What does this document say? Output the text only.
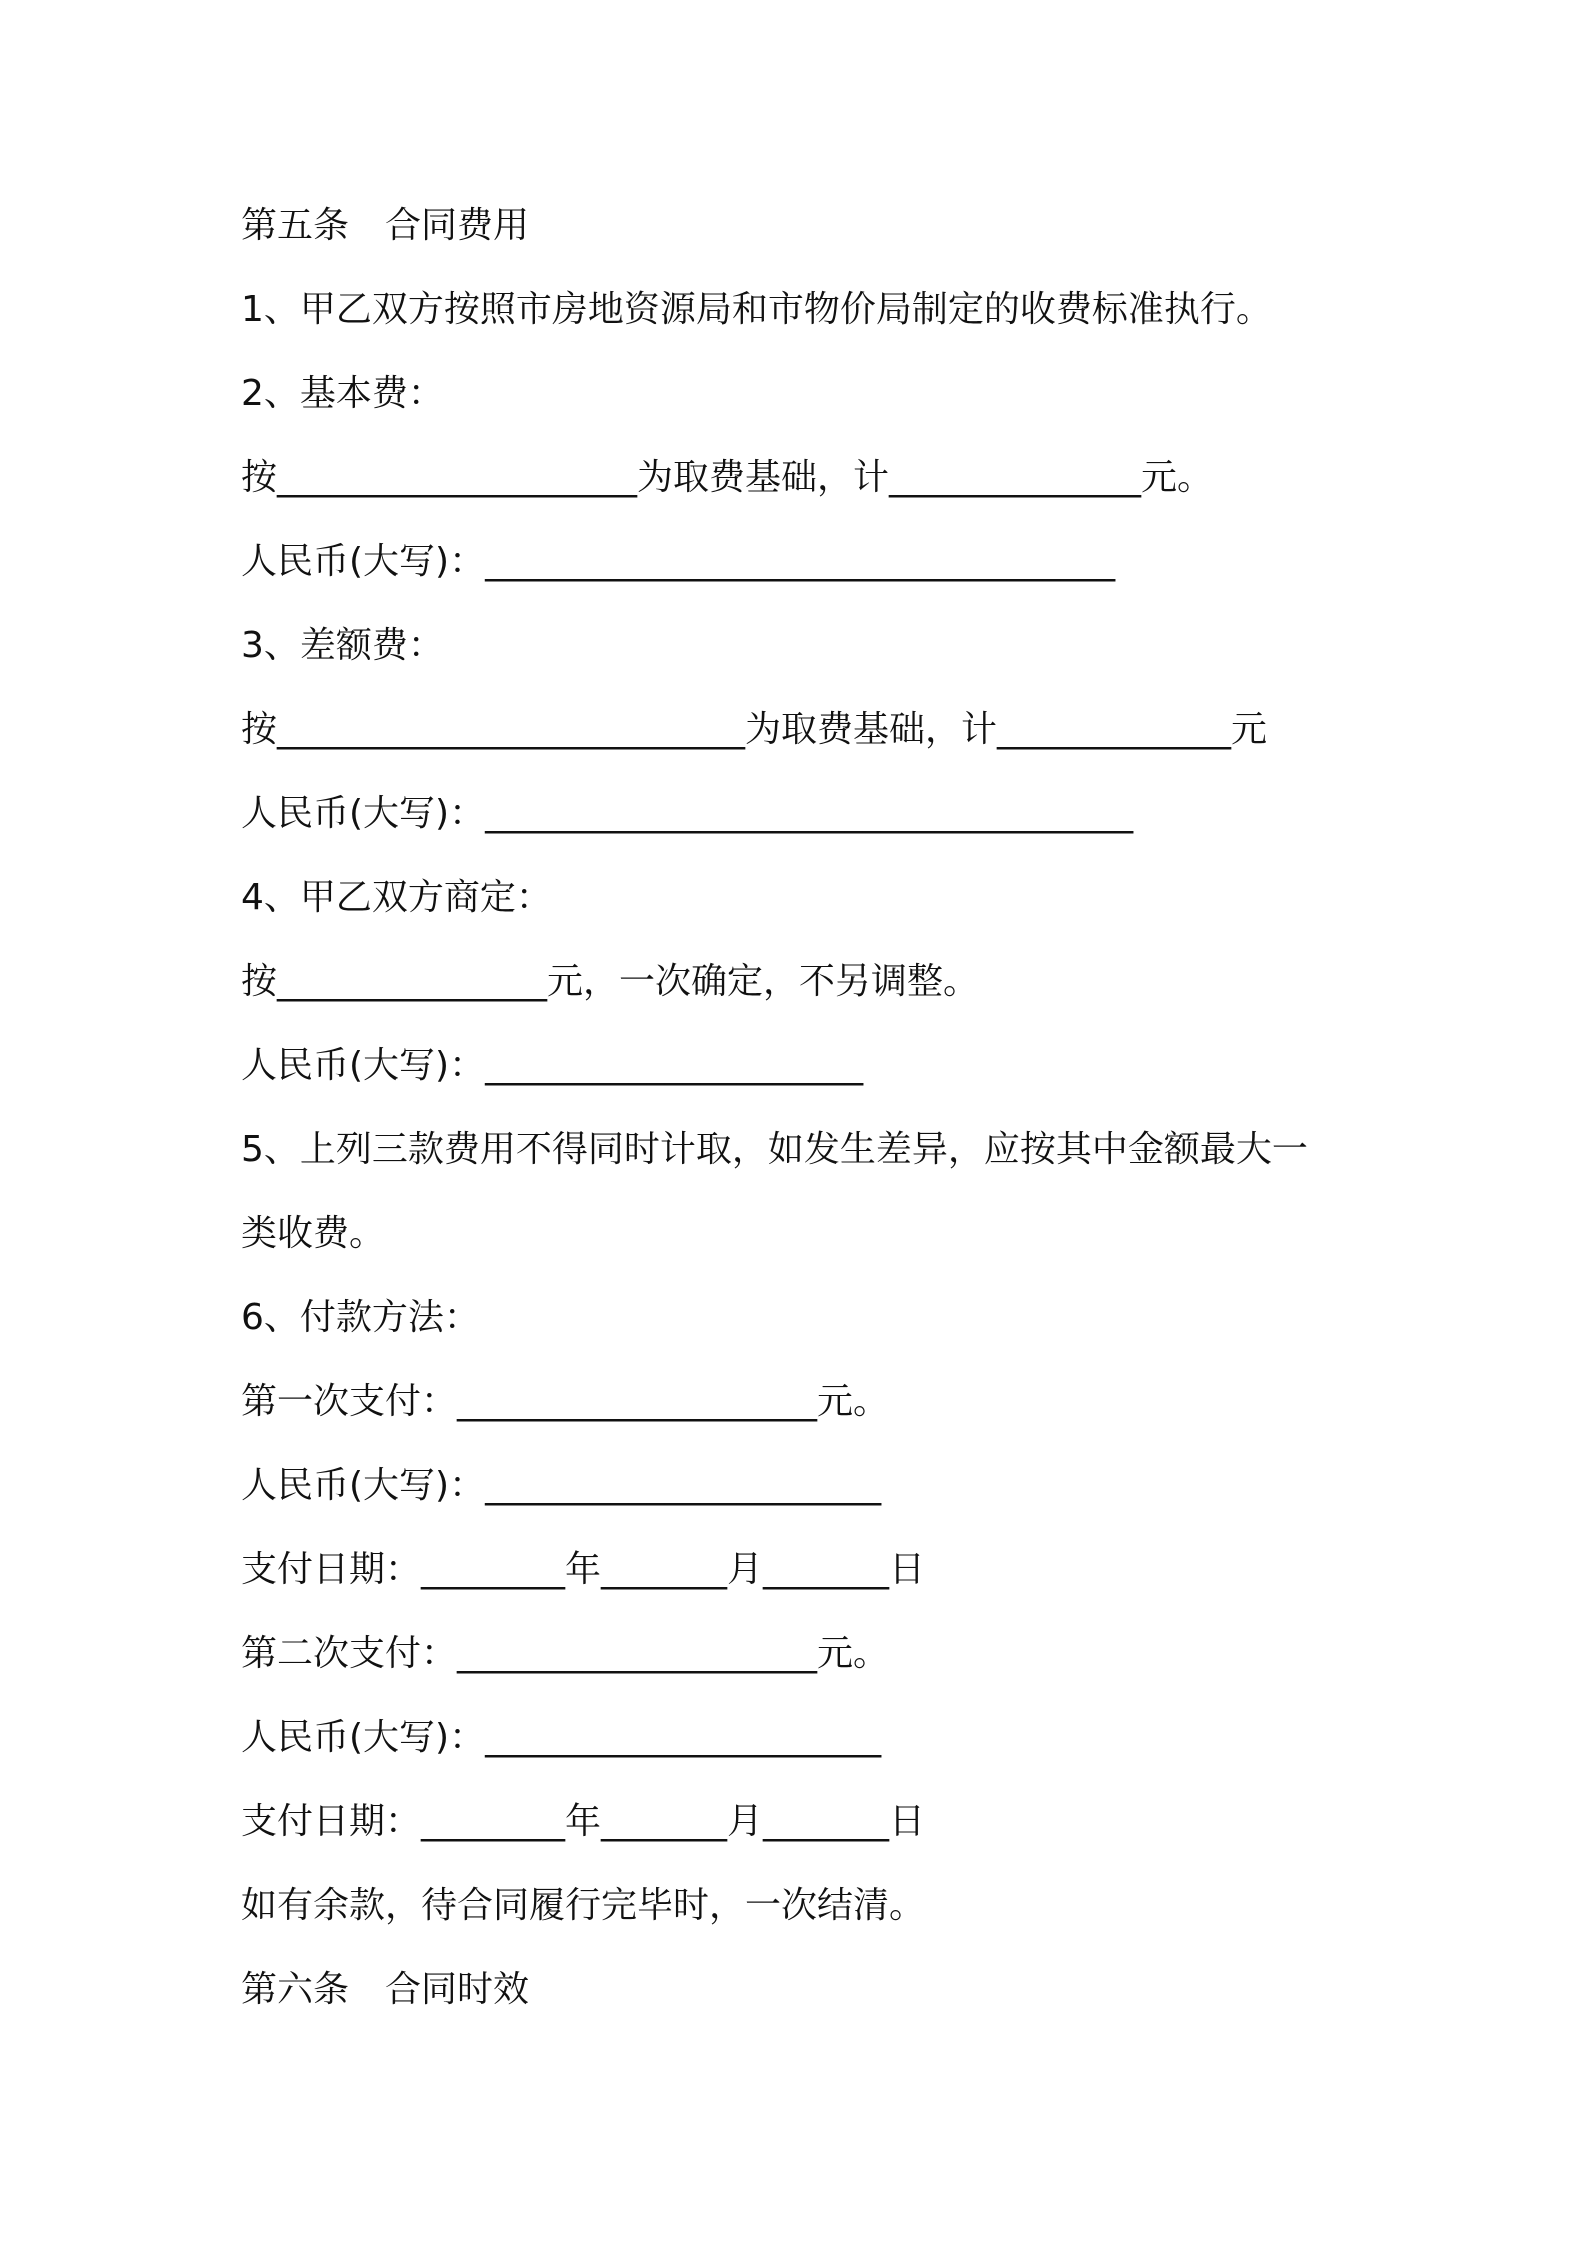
第五条　合同费用
1、甲乙双方按照市房地资源局和市物价局制定的收费标准执行。
2、基本费：
按____________________为取费基础，计______________元。
人民币(大写)：___________________________________
3、差额费：
按__________________________为取费基础，计_____________元
人民币(大写)：____________________________________
4、甲乙双方商定：
按_______________元，一次确定，不另调整。
人民币(大写)：_____________________
5、上列三款费用不得同时计取，如发生差异，应按其中金额最大一
类收费。
6、付款方法：
第一次支付：____________________元。
人民币(大写)：______________________
支付日期：________年_______月_______日
第二次支付：____________________元。
人民币(大写)：______________________
支付日期：________年_______月_______日
如有余款，待合同履行完毕时，一次结清。
第六条　合同时效
